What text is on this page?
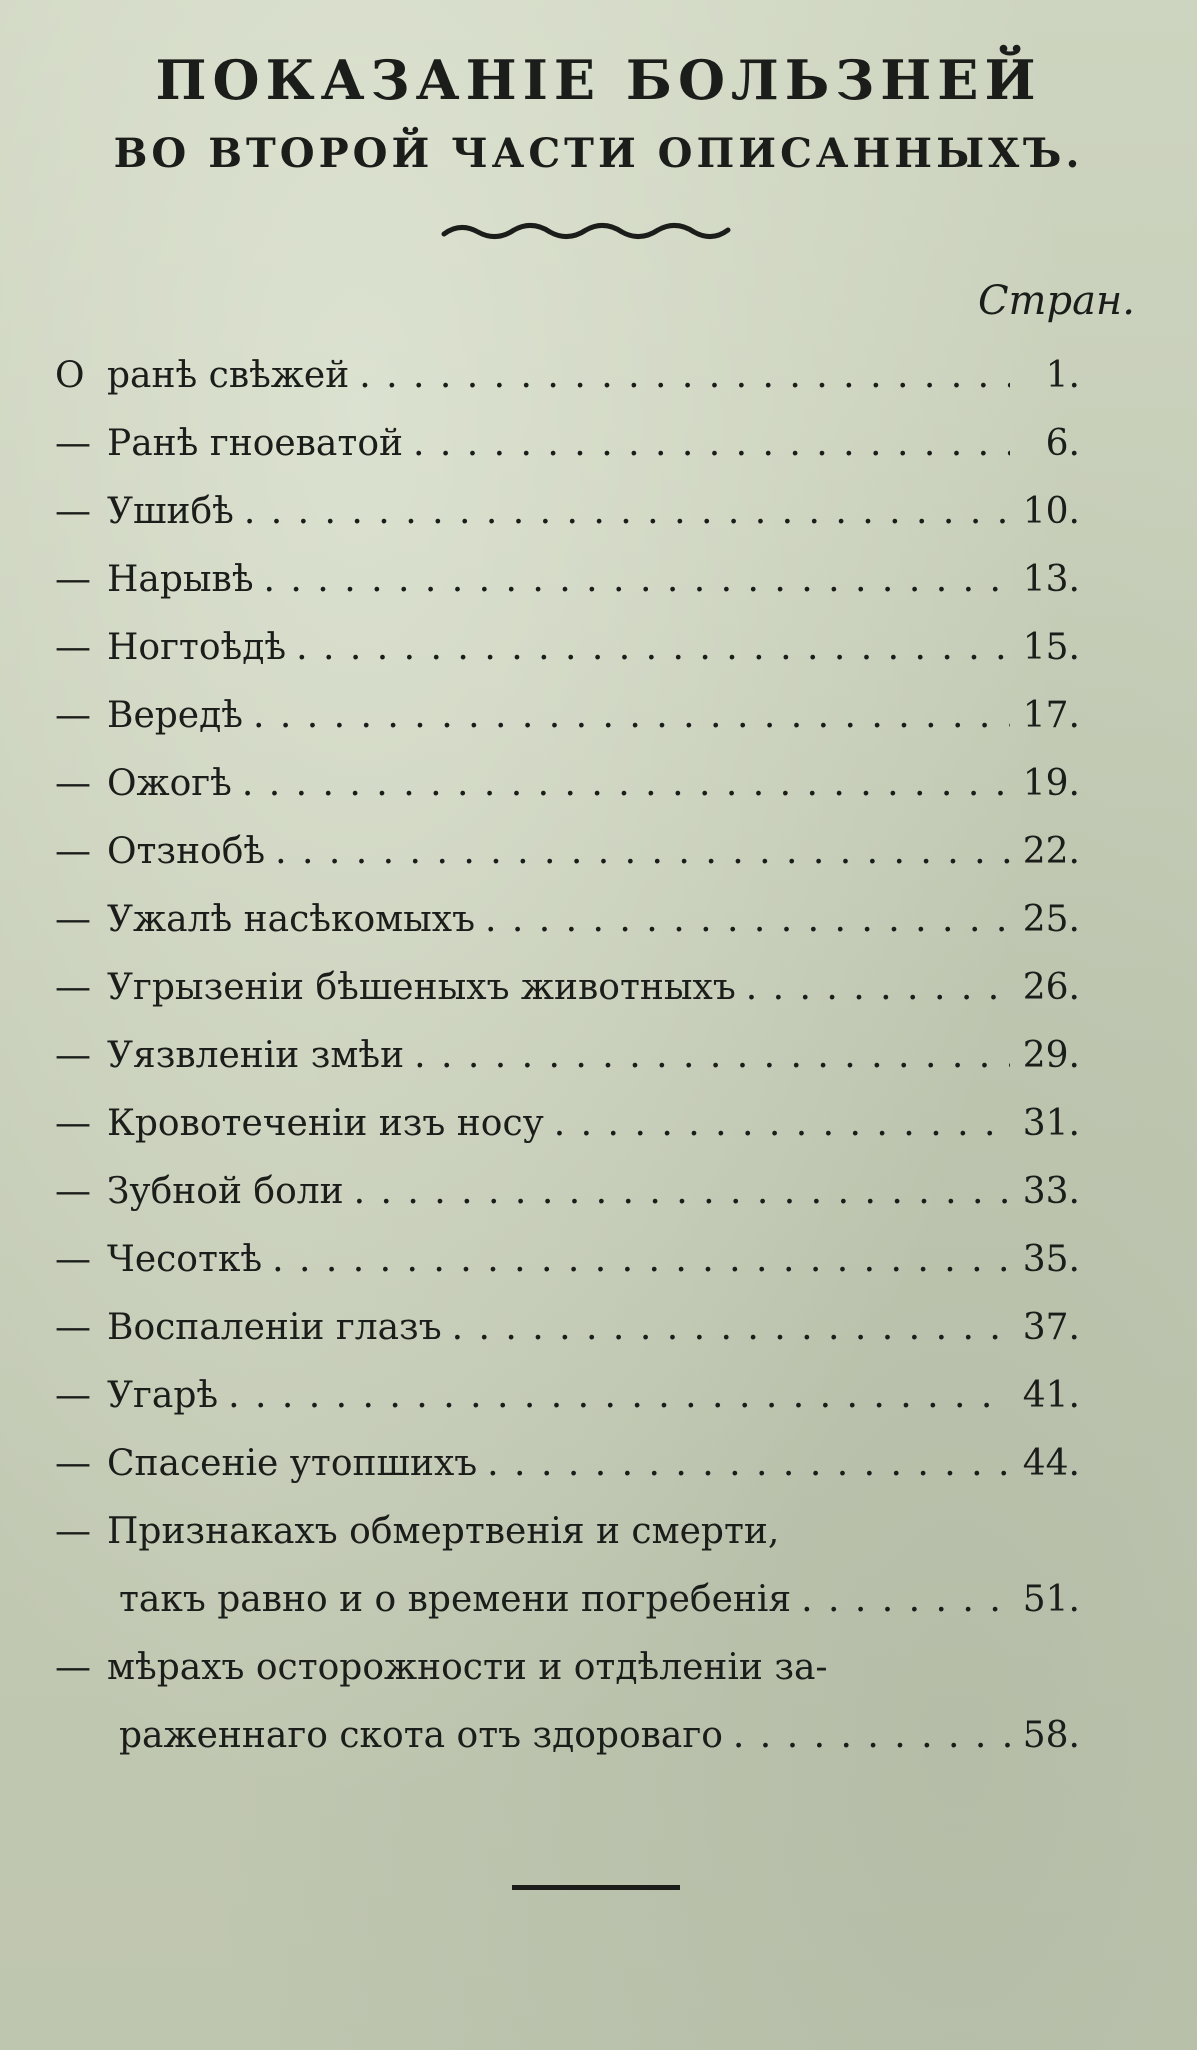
ПОКАЗАНІЕ БОЛЬЗНЕЙ
ВО ВТОРОЙ ЧАСТИ ОПИСАННЫХЪ.
Стран.
О ранѣ свѣжей . . .	1.
— Ранѣ гноеватой . . .	6.
— Ушибѣ . . .	10.
— Нарывѣ . . .	13.
— Ногтоѣдѣ . . .	15.
— Вередѣ . . .	17.
— Ожогѣ . . .	19.
— Отзнобѣ . . .	22.
— Ужалѣ насѣкомыхъ . . .	25.
— Угрызеніи бѣшеныхъ животныхъ . . .	26.
— Уязвленіи змѣи . . .	29.
— Кровотеченіи изъ носу . . .	31.
— Зубной боли . . .	33.
— Чесоткѣ . . .	35.
— Воспаленіи глазъ . . .	37.
— Угарѣ . . .	41.
— Спасеніе утопшихъ . . .	44.
— Признакахъ обмертвенія и смерти,
такъ равно и о времени погребенія . . .	51.
— мѣрахъ осторожности и отдѣленіи за-
раженнаго скота отъ здороваго . . .	58.
